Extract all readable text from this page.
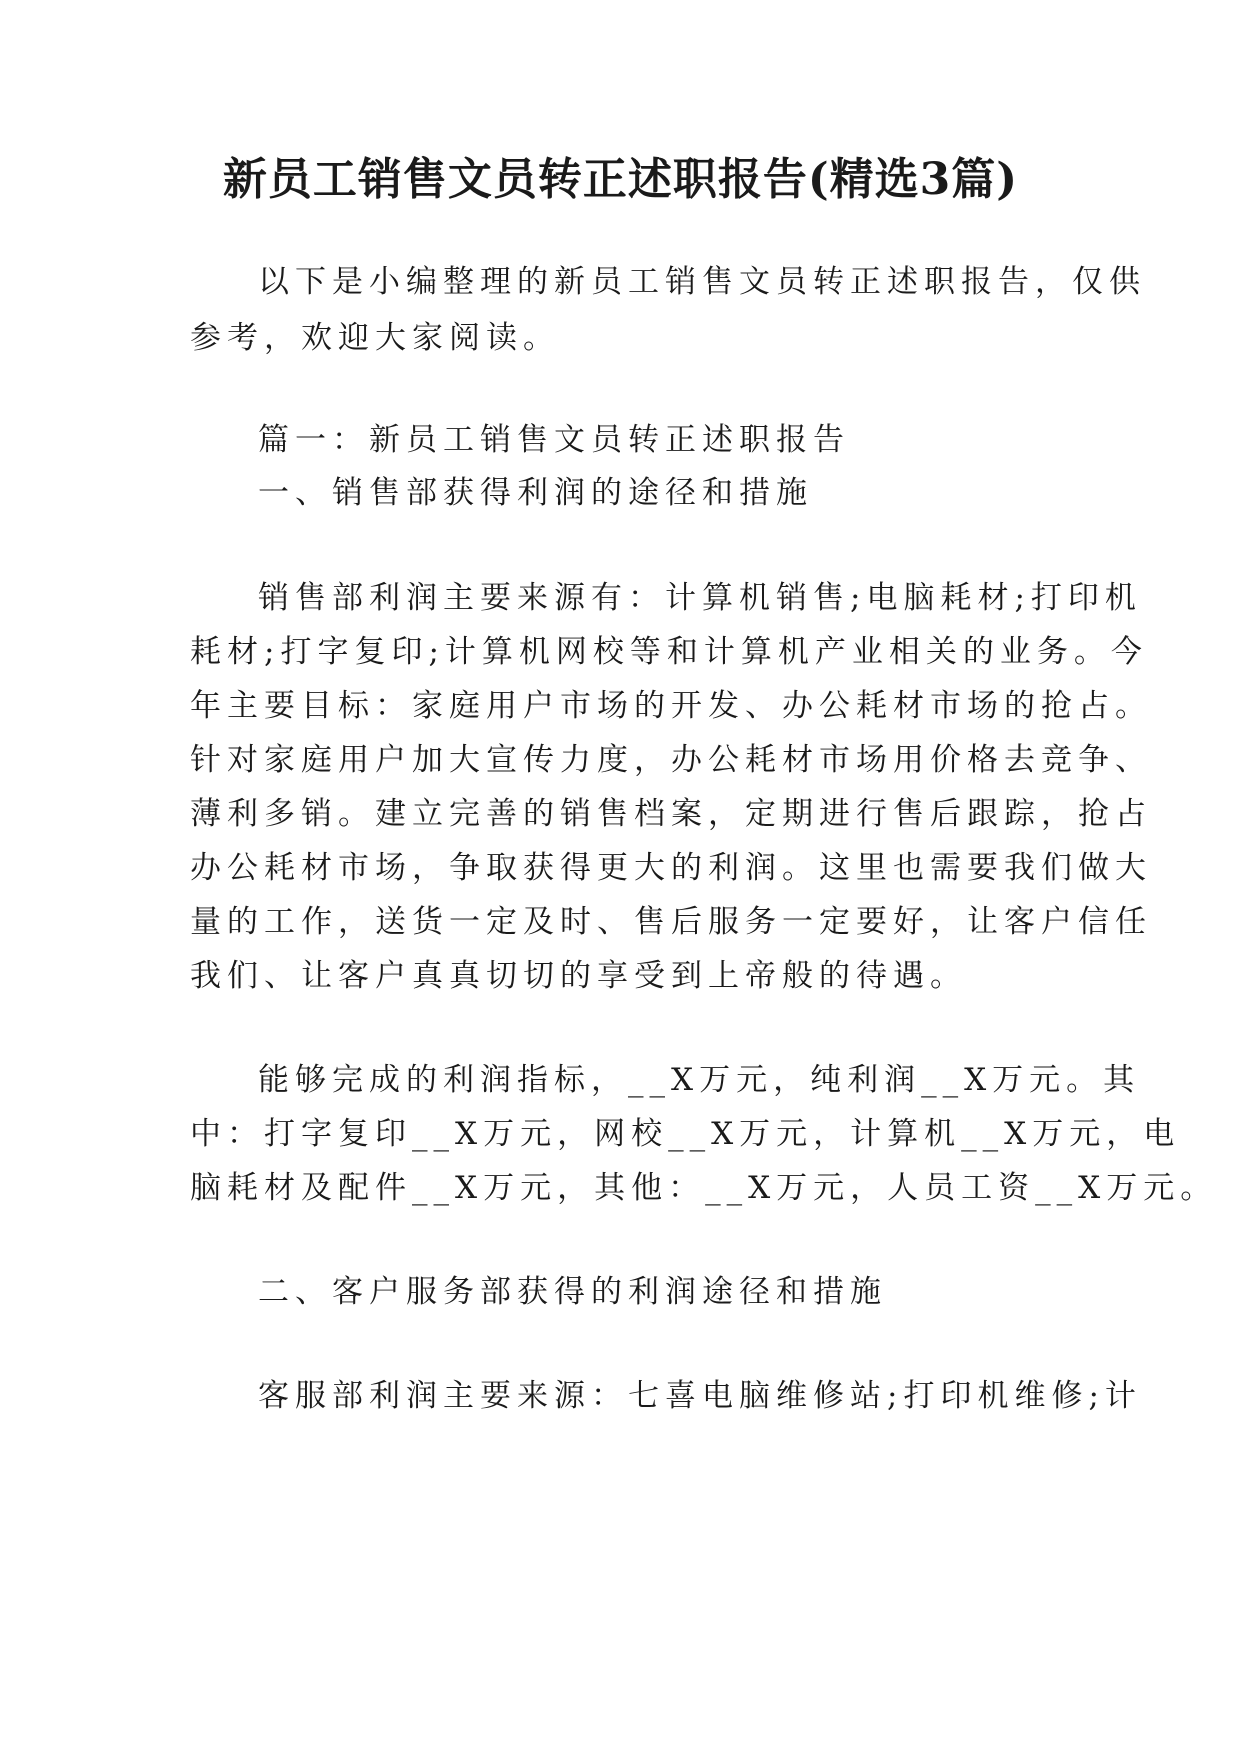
新员工销售文员转正述职报告(精选3篇)
以下是小编整理的新员工销售文员转正述职报告，仅供
参考，欢迎大家阅读。
篇一：新员工销售文员转正述职报告
一、销售部获得利润的途径和措施
销售部利润主要来源有：计算机销售;电脑耗材;打印机
耗材;打字复印;计算机网校等和计算机产业相关的业务。今
年主要目标：家庭用户市场的开发、办公耗材市场的抢占。
针对家庭用户加大宣传力度，办公耗材市场用价格去竞争、
薄利多销。建立完善的销售档案，定期进行售后跟踪，抢占
办公耗材市场，争取获得更大的利润。这里也需要我们做大
量的工作，送货一定及时、售后服务一定要好，让客户信任
我们、让客户真真切切的享受到上帝般的待遇。
能够完成的利润指标，__X万元，纯利润__X万元。其
中：打字复印__X万元，网校__X万元，计算机__X万元，电
脑耗材及配件__X万元，其他：__X万元，人员工资__X万元。
二、客户服务部获得的利润途径和措施
客服部利润主要来源：七喜电脑维修站;打印机维修;计
